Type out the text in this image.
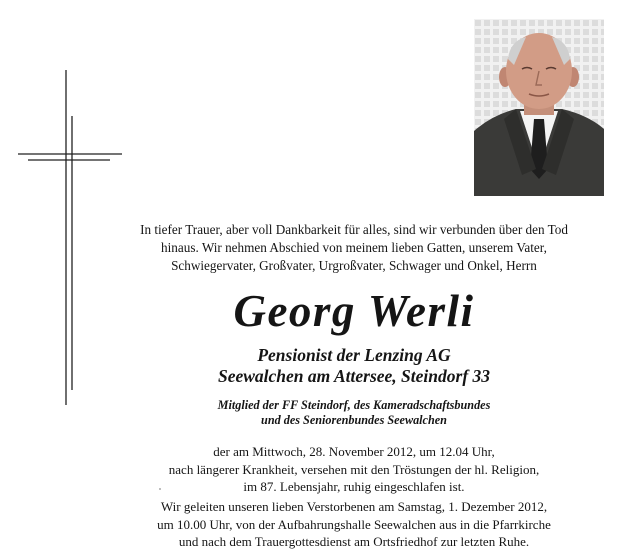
In tiefer Trauer, aber voll Dankbarkeit für alles, sind wir verbunden über den Tod
hinaus. Wir nehmen Abschied von meinem lieben Gatten, unserem Vater,
Schwiegervater, Großvater, Urgroßvater, Schwager und Onkel, Herrn
Georg Werli
Pensionist der Lenzing AG
Seewalchen am Attersee, Steindorf 33
Mitglied der FF Steindorf, des Kameradschaftsbundes
und des Seniorenbundes Seewalchen
der am Mittwoch, 28. November 2012, um 12.04 Uhr,
nach längerer Krankheit, versehen mit den Tröstungen der hl. Religion,
im 87. Lebensjahr, ruhig eingeschlafen ist.
Wir geleiten unseren lieben Verstorbenen am Samstag, 1. Dezember 2012,
um 10.00 Uhr, von der Aufbahrungshalle Seewalchen aus in die Pfarrkirche
und nach dem Trauergottesdienst am Ortsfriedhof zur letzten Ruhe.
